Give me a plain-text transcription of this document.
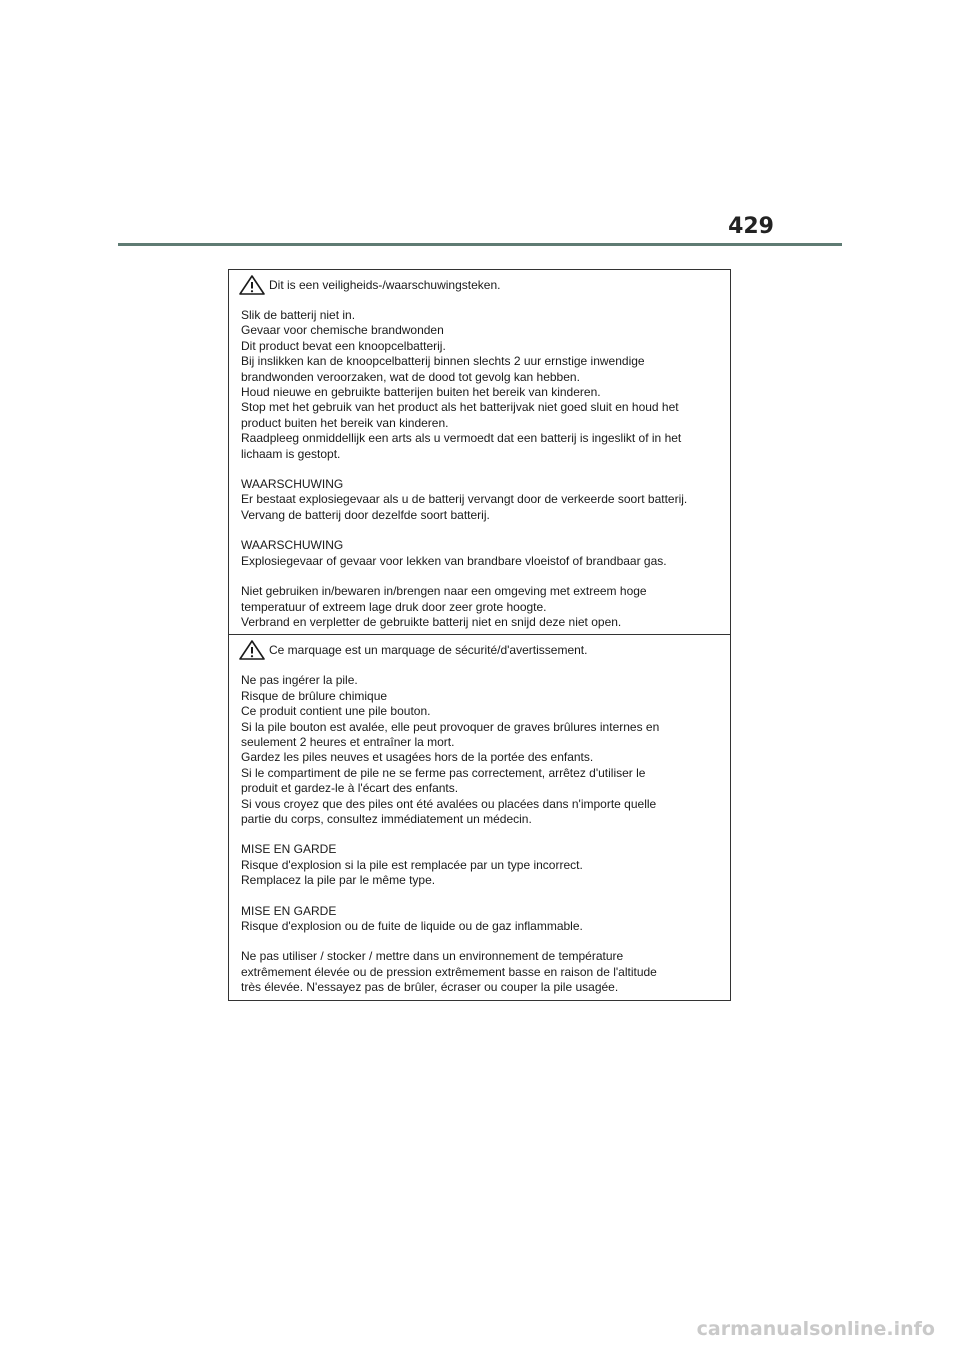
429
Dit is een veiligheids-/waarschuwingsteken.
Slik de batterij niet in.
Gevaar voor chemische brandwonden
Dit product bevat een knoopcelbatterij.
Bij inslikken kan de knoopcelbatterij binnen slechts 2 uur ernstige inwendige
brandwonden veroorzaken, wat de dood tot gevolg kan hebben.
Houd nieuwe en gebruikte batterijen buiten het bereik van kinderen.
Stop met het gebruik van het product als het batterijvak niet goed sluit en houd het
product buiten het bereik van kinderen.
Raadpleeg onmiddellijk een arts als u vermoedt dat een batterij is ingeslikt of in het
lichaam is gestopt.
WAARSCHUWING
Er bestaat explosiegevaar als u de batterij vervangt door de verkeerde soort batterij.
Vervang de batterij door dezelfde soort batterij.
WAARSCHUWING
Explosiegevaar of gevaar voor lekken van brandbare vloeistof of brandbaar gas.
Niet gebruiken in/bewaren in/brengen naar een omgeving met extreem hoge
temperatuur of extreem lage druk door zeer grote hoogte.
Verbrand en verpletter de gebruikte batterij niet en snijd deze niet open.
Ce marquage est un marquage de sécurité/d'avertissement.
Ne pas ingérer la pile.
Risque de brûlure chimique
Ce produit contient une pile bouton.
Si la pile bouton est avalée, elle peut provoquer de graves brûlures internes en
seulement 2 heures et entraîner la mort.
Gardez les piles neuves et usagées hors de la portée des enfants.
Si le compartiment de pile ne se ferme pas correctement, arrêtez d'utiliser le
produit et gardez-le à l'écart des enfants.
Si vous croyez que des piles ont été avalées ou placées dans n'importe quelle
partie du corps, consultez immédiatement un médecin.
MISE EN GARDE
Risque d'explosion si la pile est remplacée par un type incorrect.
Remplacez la pile par le même type.
MISE EN GARDE
Risque d'explosion ou de fuite de liquide ou de gaz inflammable.
Ne pas utiliser / stocker / mettre dans un environnement de température
extrêmement élevée ou de pression extrêmement basse en raison de l'altitude
très élevée. N'essayez pas de brûler, écraser ou couper la pile usagée.
carmanualsonline.info
